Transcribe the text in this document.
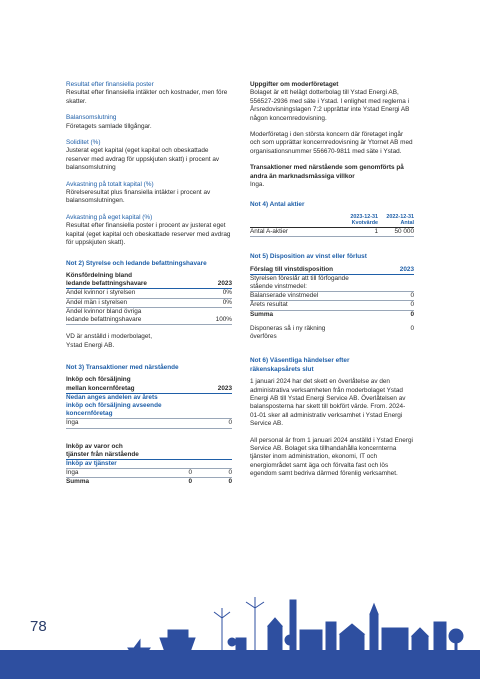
Resultat efter finansiella poster
Resultat efter finansiella intäkter och kostnader, men före skatter.
Balansomslutning
Företagets samlade tillgångar.
Soliditet (%)
Justerat eget kapital (eget kapital och obeskattade reserver med avdrag för uppskjuten skatt) i procent av balansomslutning
Avkastning på totalt kapital (%)
Rörelseresultat plus finansiella intäkter i procent av balansomslutningen.
Avkastning på eget kapital (%)
Resultat efter finansiella poster i procent av justerat eget kapital (eget kapital och obeskattade reserver med avdrag för uppskjuten skatt).
Not 2) Styrelse och ledande befattningshavare
Könsfördelning bland	
ledande befattningshavare	2023
Andel kvinnor i styrelsen	0%
Andel män i styrelsen	0%
Andel kvinnor bland övriga	
ledande befattningshavare	100%
VD är anställd i moderbolaget, Ystad Energi AB.
Not 3) Transaktioner med närstående
Inköp och försäljning	
mellan koncernföretag	2023
Nedan anges andelen av årets inköp och försäljning avseende koncernföretag	
Inga	0
Inköp av varor och		
tjänster från närstående		
Inköp av tjänster		
Inga	0	0
Summa	0	0
Uppgifter om moderföretaget
Bolaget är ett helägt dotterbolag till Ystad Energi AB, 556527-2936 med säte i Ystad. I enlighet med reglerna i Årsredovisningslagen 7:2 upprättar inte Ystad Energi AB någon koncernredovisning.
Moderföretag i den största koncern där företaget ingår och som upprättar koncernredovisning är Ytornet AB med organisationsnummer 556670-9811 med säte i Ystad.
Transaktioner med närstående som genomförts på andra än marknadsmässiga villkor
Inga.
Not 4) Antal aktier
	2023-12-31	2022-12-31
	Kvotvärde	Antal
Antal A-aktier	1	50 000
Not 5) Disposition av vinst eller förlust
Förslag till vinstdisposition	2023
Styrelsen föreslår att till förfogande stående vinstmedel:	
Balanserade vinstmedel	0
Årets resultat	0
Summa	0
Disponeras så i ny räkning överföres	0
Not 6) Väsentliga händelser efter räkenskapsårets slut
1 januari 2024 har det skett en överlåtelse av den administrativa verksamheten från moderbolaget Ystad Energi AB till Ystad Energi Service AB. Överlåtelsen av balansposterna har skett till bokfört värde. From. 2024-01-01 sker all administrativ verksamhet i Ystad Energi Service AB.
All personal är from 1 januari 2024 anställd i Ystad Energi Service AB. Bolaget ska tillhandahålla koncernterna tjänster inom administration, ekonomi, IT och energiområdet samt äga och förvalta fast och lös egendom samt bedriva därmed förenlig verksamhet.
78
